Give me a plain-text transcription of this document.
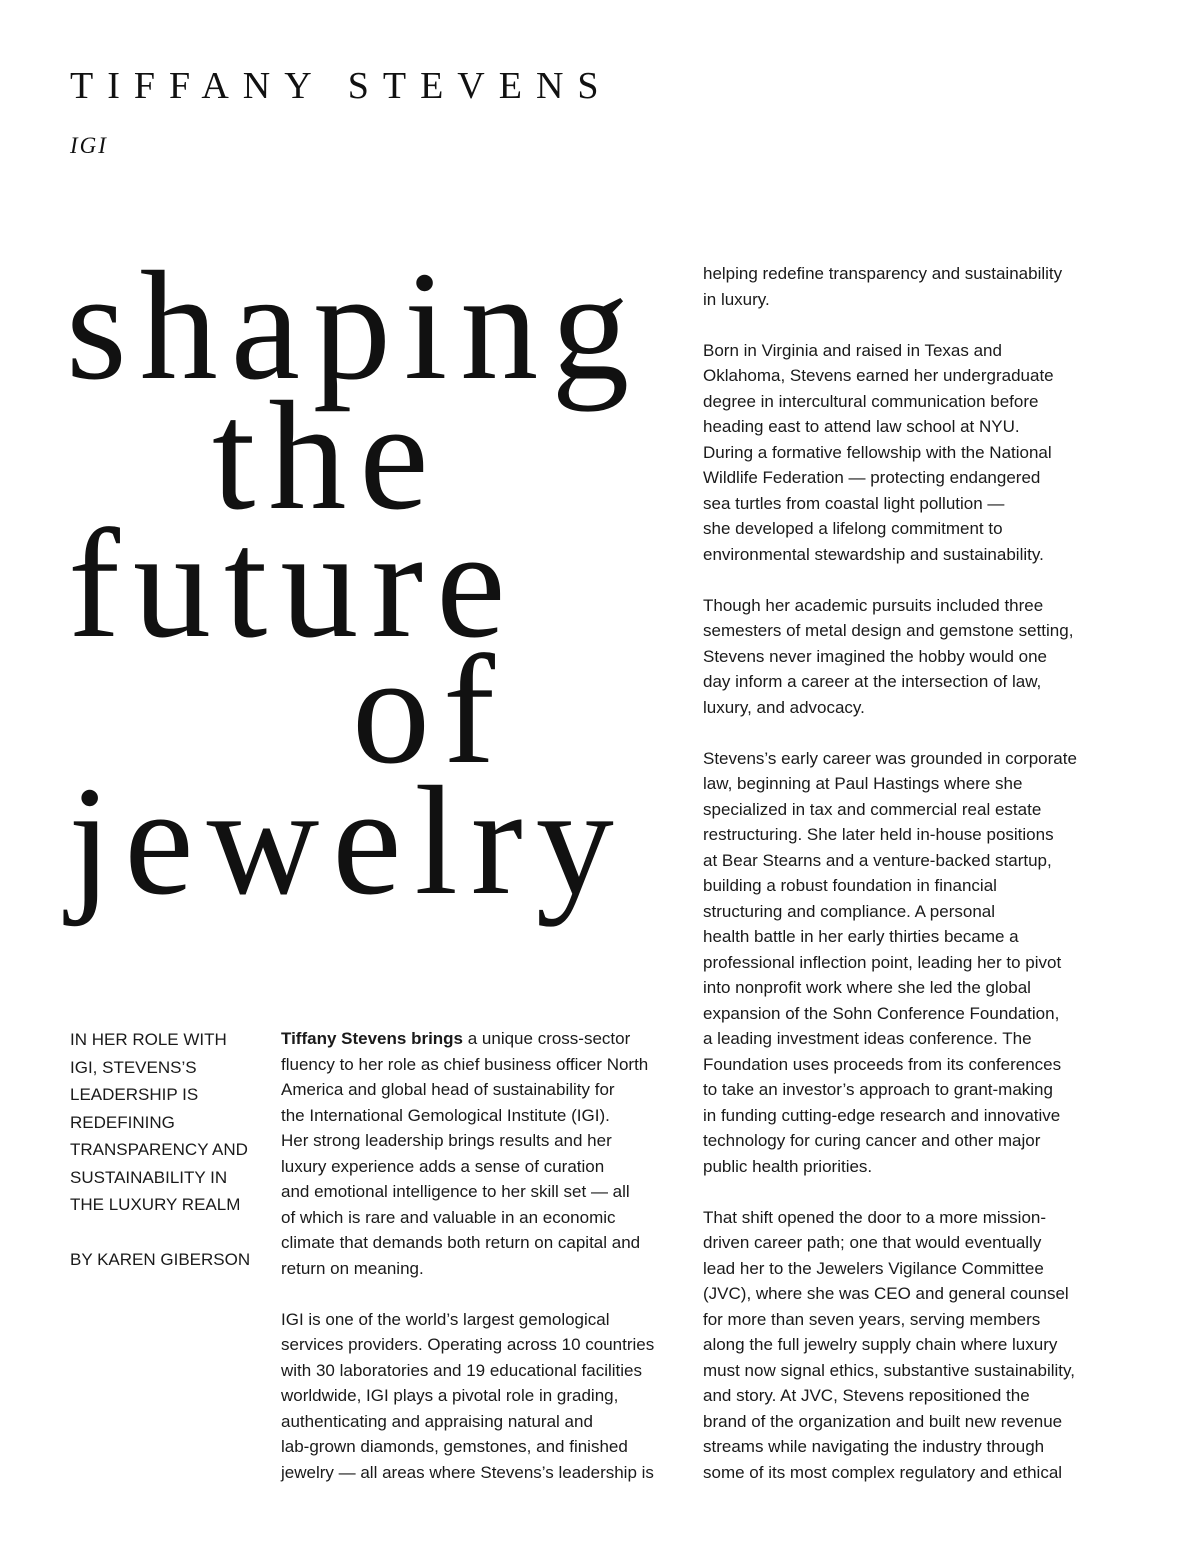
TIFFANY STEVENS
IGI
shaping
the
future
of
jewelry
IN HER ROLE WITH
IGI, STEVENS’S
LEADERSHIP IS
REDEFINING
TRANSPARENCY AND
SUSTAINABILITY IN
THE LUXURY REALM
BY KAREN GIBERSON

Tiffany Stevens brings a unique cross-sector
fluency to her role as chief business officer North
America and global head of sustainability for
the International Gemological Institute (IGI).
Her strong leadership brings results and her
luxury experience adds a sense of curation
and emotional intelligence to her skill set — all
of which is rare and valuable in an economic
climate that demands both return on capital and
return on meaning.

IGI is one of the world’s largest gemological
services providers. Operating across 10 countries
with 30 laboratories and 19 educational facilities
worldwide, IGI plays a pivotal role in grading,
authenticating and appraising natural and
lab-grown diamonds, gemstones, and finished
jewelry — all areas where Stevens’s leadership is

helping redefine transparency and sustainability
in luxury.

Born in Virginia and raised in Texas and
Oklahoma, Stevens earned her undergraduate
degree in intercultural communication before
heading east to attend law school at NYU.
During a formative fellowship with the National
Wildlife Federation — protecting endangered
sea turtles from coastal light pollution —
she developed a lifelong commitment to
environmental stewardship and sustainability.

Though her academic pursuits included three
semesters of metal design and gemstone setting,
Stevens never imagined the hobby would one
day inform a career at the intersection of law,
luxury, and advocacy.

Stevens’s early career was grounded in corporate
law, beginning at Paul Hastings where she
specialized in tax and commercial real estate
restructuring. She later held in-house positions
at Bear Stearns and a venture-backed startup,
building a robust foundation in financial
structuring and compliance. A personal
health battle in her early thirties became a
professional inflection point, leading her to pivot
into nonprofit work where she led the global
expansion of the Sohn Conference Foundation,
a leading investment ideas conference. The
Foundation uses proceeds from its conferences
to take an investor’s approach to grant-making
in funding cutting-edge research and innovative
technology for curing cancer and other major
public health priorities.

That shift opened the door to a more mission-
driven career path; one that would eventually
lead her to the Jewelers Vigilance Committee
(JVC), where she was CEO and general counsel
for more than seven years, serving members
along the full jewelry supply chain where luxury
must now signal ethics, substantive sustainability,
and story. At JVC, Stevens repositioned the
brand of the organization and built new revenue
streams while navigating the industry through
some of its most complex regulatory and ethical
